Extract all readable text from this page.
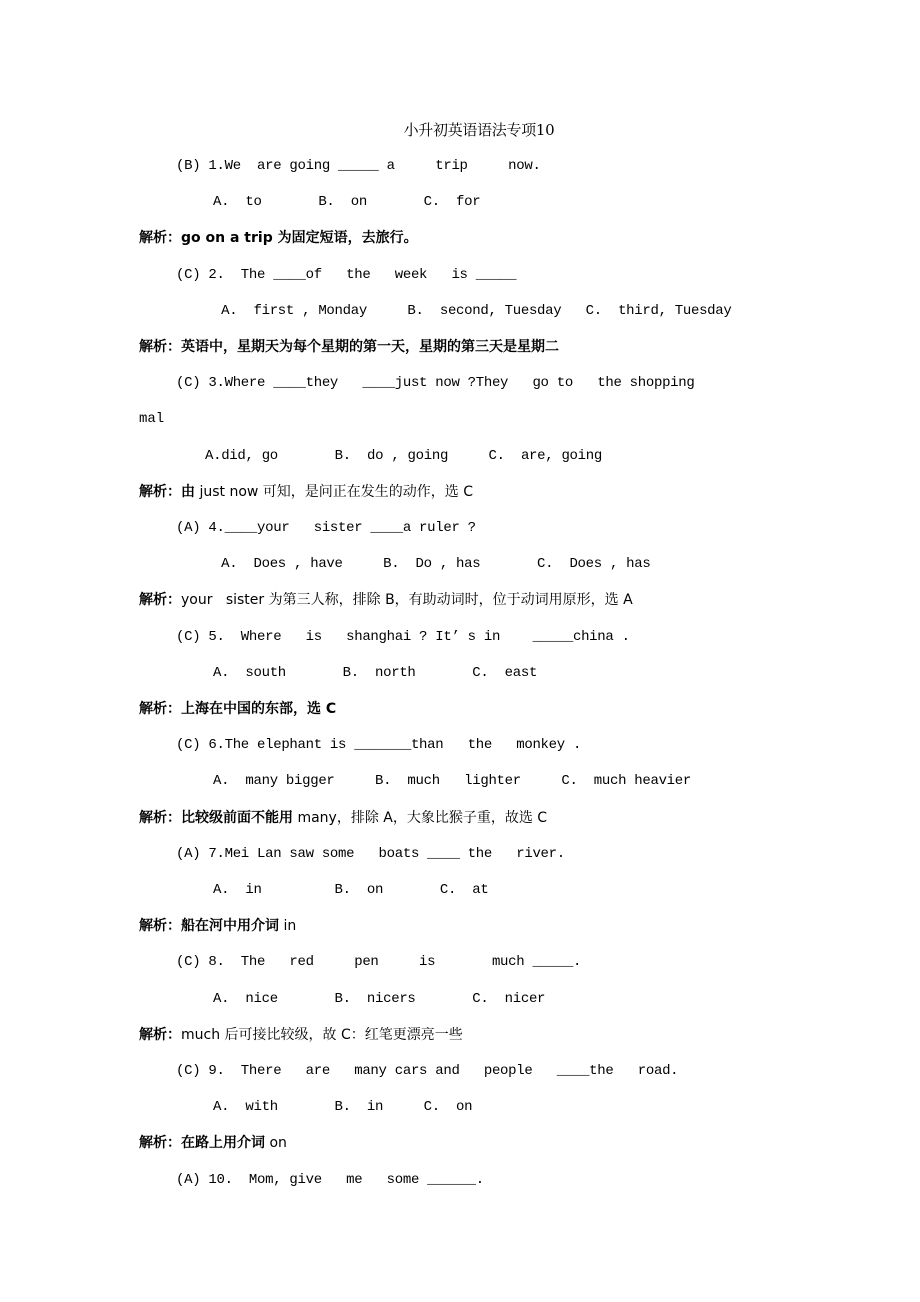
小升初英语语法专项10
(B) 1.We  are going _____ a     trip     now.
A.  to       B.  on       C.  for
解析：go on a trip 为固定短语，去旅行。
(C) 2.  The ____of   the   week   is _____
A.  first , Monday     B.  second, Tuesday   C.  third, Tuesday
解析：英语中，星期天为每个星期的第一天，星期的第三天是星期二
(C) 3.Where ____they   ____just now ?They   go to   the shopping
mal
A.did, go       B.  do , going     C.  are, going
解析：由 just now 可知，是问正在发生的动作，选 C
(A) 4.____your   sister ____a ruler ?
A.  Does , have     B.  Do , has       C.  Does , has
解析：your   sister 为第三人称，排除 B，有助动词时，位于动词用原形，选 A
(C) 5.  Where   is   shanghai ? It’ s in    _____china .
A.  south       B.  north       C.  east
解析：上海在中国的东部，选 C
(C) 6.The elephant is _______than   the   monkey .
A.  many bigger     B.  much   lighter     C.  much heavier
解析：比较级前面不能用 many，排除 A，大象比猴子重，故选 C
(A) 7.Mei Lan saw some   boats ____ the   river.
A.  in         B.  on       C.  at
解析：船在河中用介词 in
(C) 8.  The   red     pen     is       much _____.
A.  nice       B.  nicers       C.  nicer
解析：much 后可接比较级，故 C：红笔更漂亮一些
(C) 9.  There   are   many cars and   people   ____the   road.
A.  with       B.  in     C.  on
解析：在路上用介词 on
(A) 10.  Mom, give   me   some ______.
